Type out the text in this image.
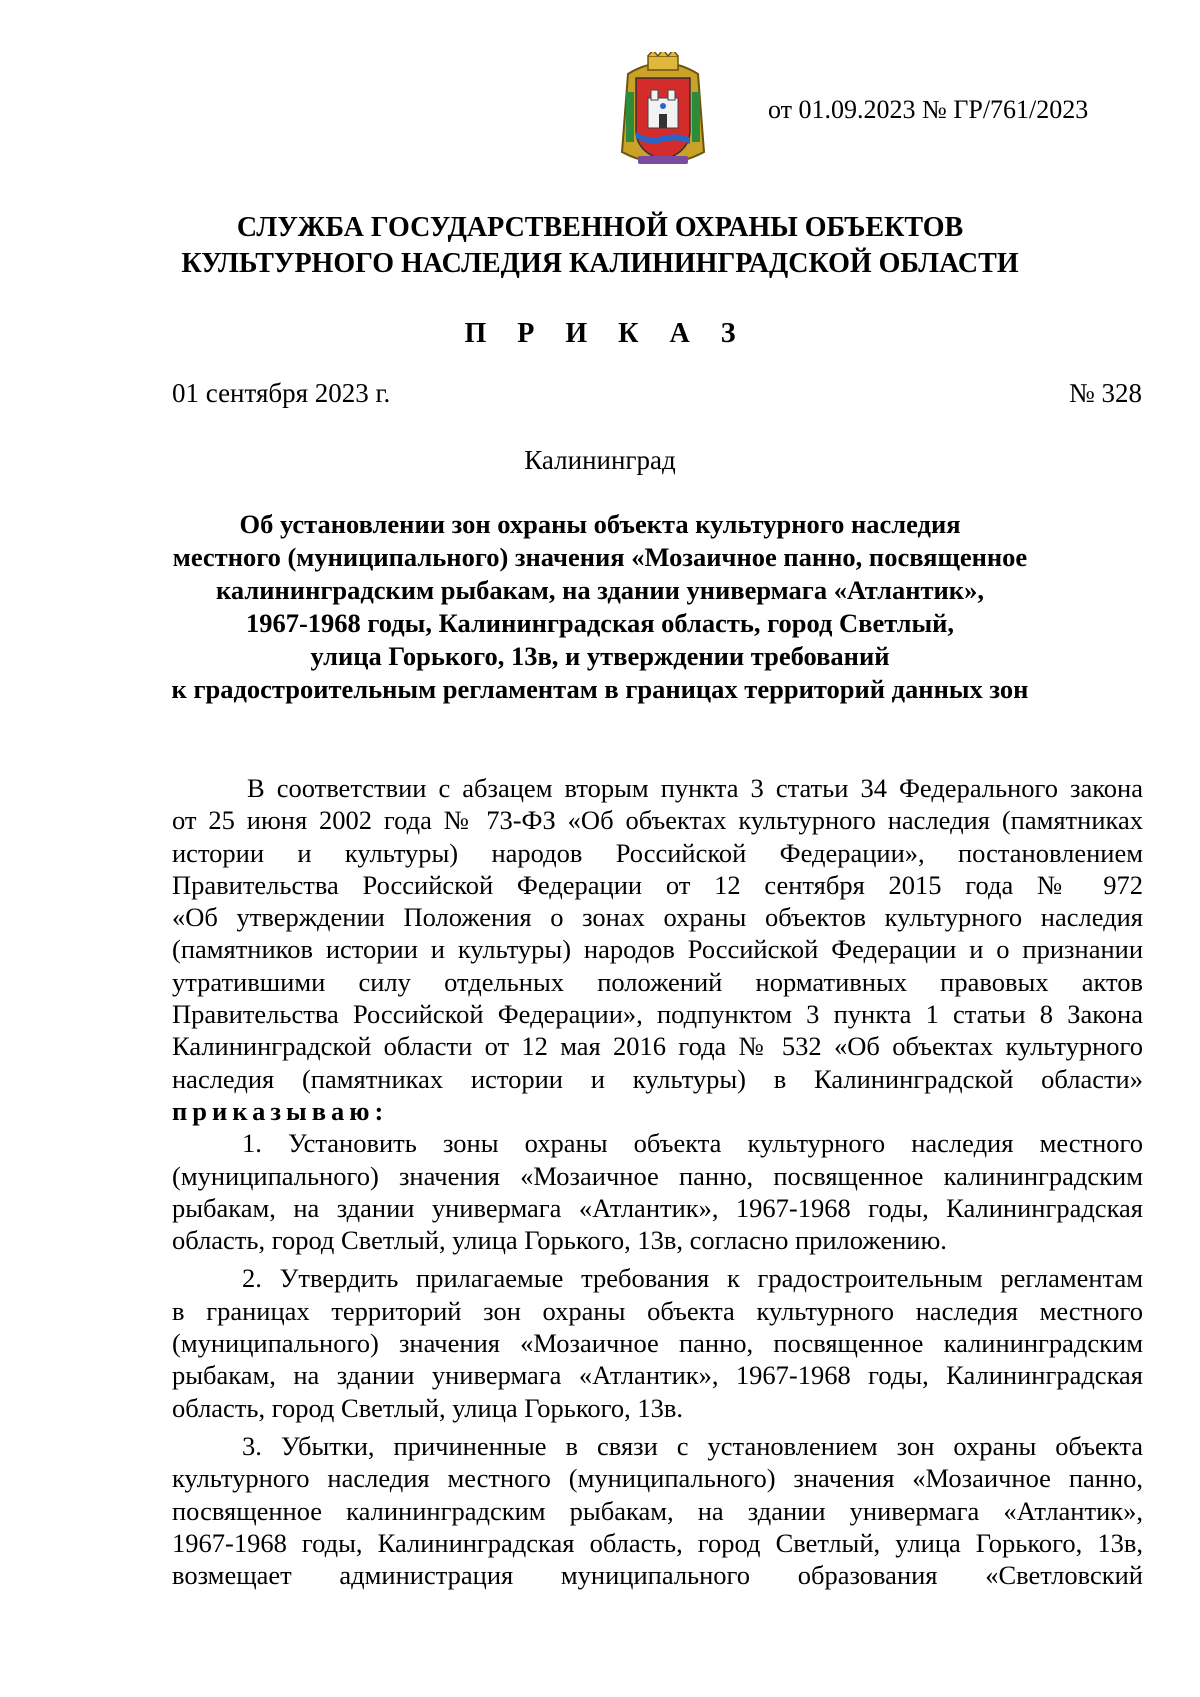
от 01.09.2023 № ГР/761/2023
СЛУЖБА ГОСУДАРСТВЕННОЙ ОХРАНЫ ОБЪЕКТОВ
КУЛЬТУРНОГО НАСЛЕДИЯ КАЛИНИНГРАДСКОЙ ОБЛАСТИ
П Р И К А З
01 сентября 2023 г.	№ 328
Калининград
Об установлении зон охраны объекта культурного наследия
местного (муниципального) значения «Мозаичное панно, посвященное
калининградским рыбакам, на здании универмага «Атлантик»,
1967-1968 годы, Калининградская область, город Светлый,
улица Горького, 13в, и утверждении требований
к градостроительным регламентам в границах территорий данных зон
В соответствии с абзацем вторым пункта 3 статьи 34 Федерального закона
от 25 июня 2002 года № 73-ФЗ «Об объектах культурного наследия (памятниках
истории и культуры) народов Российской Федерации», постановлением
Правительства Российской Федерации от 12 сентября 2015 года № 972
«Об утверждении Положения о зонах охраны объектов культурного наследия
(памятников истории и культуры) народов Российской Федерации и о признании
утратившими силу отдельных положений нормативных правовых актов
Правительства Российской Федерации», подпунктом 3 пункта 1 статьи 8 Закона
Калининградской области от 12 мая 2016 года № 532 «Об объектах культурного
наследия (памятниках истории и культуры) в Калининградской области»
приказываю:
1. Установить зоны охраны объекта культурного наследия местного
(муниципального) значения «Мозаичное панно, посвященное калининградским
рыбакам, на здании универмага «Атлантик», 1967-1968 годы, Калининградская
область, город Светлый, улица Горького, 13в, согласно приложению.
2. Утвердить прилагаемые требования к градостроительным регламентам
в границах территорий зон охраны объекта культурного наследия местного
(муниципального) значения «Мозаичное панно, посвященное калининградским
рыбакам, на здании универмага «Атлантик», 1967-1968 годы, Калининградская
область, город Светлый, улица Горького, 13в.
3. Убытки, причиненные в связи с установлением зон охраны объекта
культурного наследия местного (муниципального) значения «Мозаичное панно,
посвященное калининградским рыбакам, на здании универмага «Атлантик»,
1967-1968 годы, Калининградская область, город Светлый, улица Горького, 13в,
возмещает администрация муниципального образования «Светловский
